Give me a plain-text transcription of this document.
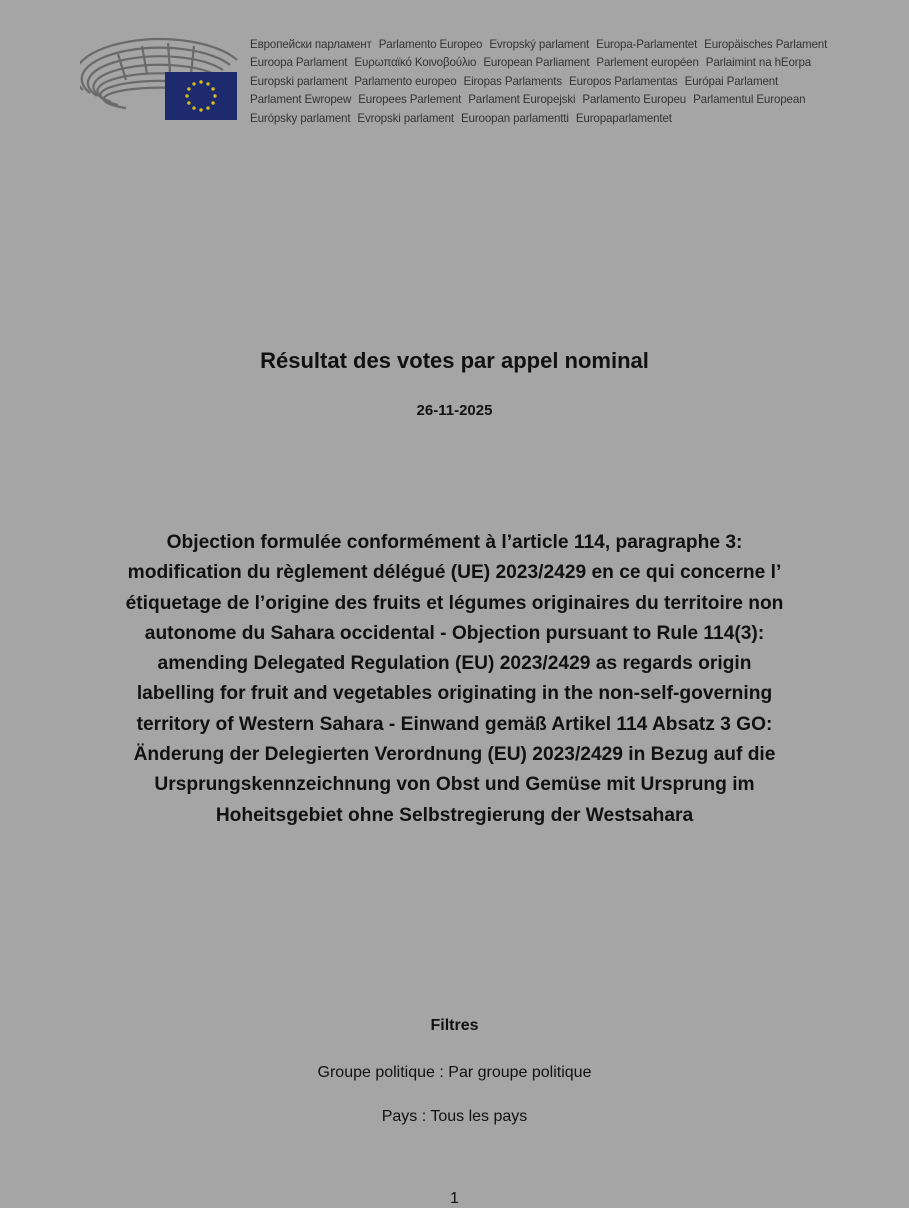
Европейски парламент Parlamento Europeo Evropský parlament Europa-Parlamentet Europäisches Parlament
Euroopa Parlament Ευρωπαϊκό Κοινοβούλιο European Parliament Parlement européen Parlaimint na hEorpa
Europski parlament Parlamento europeo Eiropas Parlaments Europos Parlamentas Európai Parlament
Parlament Ewropew Europees Parlement Parlament Europejski Parlamento Europeu Parlamentul European
Európsky parlament Evropski parlament Euroopan parlamentti Europaparlamentet
Résultat des votes par appel nominal
26-11-2025

Objection formulée conformément à l’article 114, paragraphe 3:
modification du règlement délégué (UE) 2023/2429 en ce qui concerne l’
étiquetage de l’origine des fruits et légumes originaires du territoire non
autonome du Sahara occidental - Objection pursuant to Rule 114(3):
amending Delegated Regulation (EU) 2023/2429 as regards origin
labelling for fruit and vegetables originating in the non-self-governing
territory of Western Sahara - Einwand gemäß Artikel 114 Absatz 3 GO:
Änderung der Delegierten Verordnung (EU) 2023/2429 in Bezug auf die
Ursprungskennzeichnung von Obst und Gemüse mit Ursprung im
Hoheitsgebiet ohne Selbstregierung der Westsahara

Filtres
Groupe politique : Par groupe politique
Pays : Tous les pays
1
